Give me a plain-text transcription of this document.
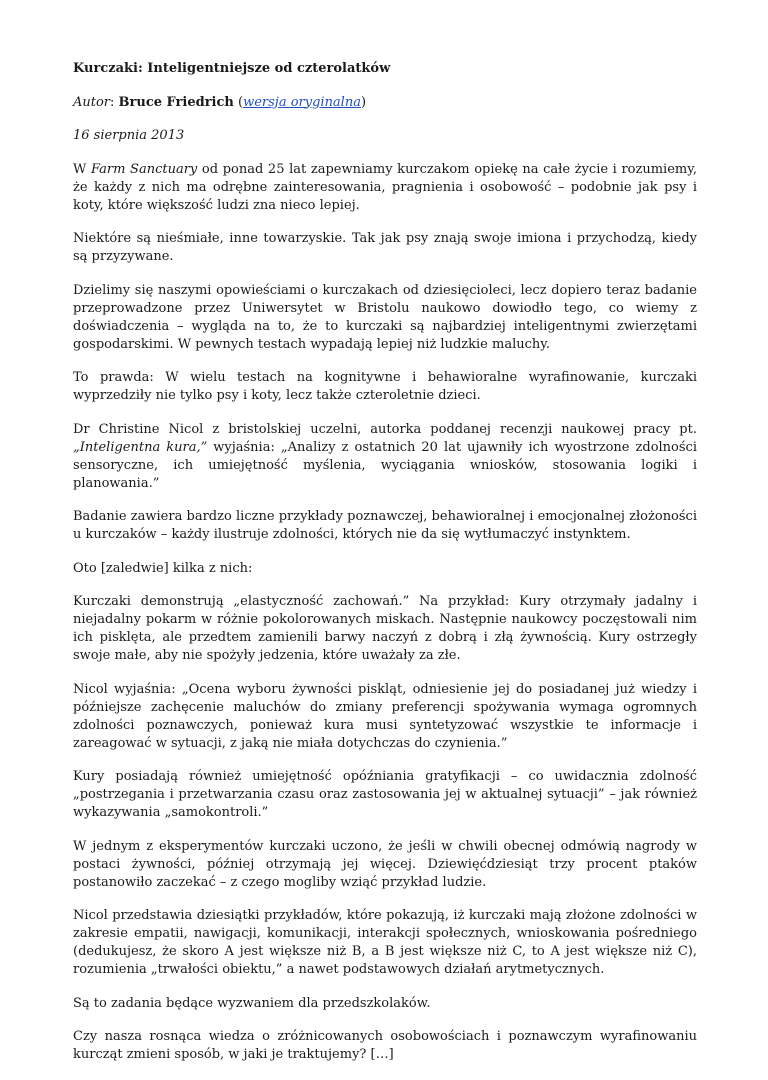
Kurczaki: Inteligentniejsze od czterolatków

Autor: Bruce Friedrich (wersja oryginalna)

16 sierpnia 2013

W Farm Sanctuary od ponad 25 lat zapewniamy kurczakom opiekę na całe życie i rozumiemy, że każdy z nich ma odrębne zainteresowania, pragnienia i osobowość – podobnie jak psy i koty, które większość ludzi zna nieco lepiej.

Niektóre są nieśmiałe, inne towarzyskie. Tak jak psy znają swoje imiona i przychodzą, kiedy są przyzywane.

Dzielimy się naszymi opowieściami o kurczakach od dziesięcioleci, lecz dopiero teraz badanie przeprowadzone przez Uniwersytet w Bristolu naukowo dowiodło tego, co wiemy z doświadczenia – wygląda na to, że to kurczaki są najbardziej inteligentnymi zwierzętami gospodarskimi. W pewnych testach wypadają lepiej niż ludzkie maluchy.

To prawda: W wielu testach na kognitywne i behawioralne wyrafinowanie, kurczaki wyprzedziły nie tylko psy i koty, lecz także czteroletnie dzieci.

Dr Christine Nicol z bristolskiej uczelni, autorka poddanej recenzji naukowej pracy pt. „Inteligentna kura,” wyjaśnia: „Analizy z ostatnich 20 lat ujawniły ich wyostrzone zdolności sensoryczne, ich umiejętność myślenia, wyciągania wniosków, stosowania logiki i planowania.”

Badanie zawiera bardzo liczne przykłady poznawczej, behawioralnej i emocjonalnej złożoności u kurczaków – każdy ilustruje zdolności, których nie da się wytłumaczyć instynktem.

Oto [zaledwie] kilka z nich:

Kurczaki demonstrują „elastyczność zachowań.” Na przykład: Kury otrzymały jadalny i niejadalny pokarm w różnie pokolorowanych miskach. Następnie naukowcy poczęstowali nim ich pisklęta, ale przedtem zamienili barwy naczyń z dobrą i złą żywnością. Kury ostrzegły swoje małe, aby nie spożyły jedzenia, które uważały za złe.

Nicol wyjaśnia: „Ocena wyboru żywności piskląt, odniesienie jej do posiadanej już wiedzy i późniejsze zachęcenie maluchów do zmiany preferencji spożywania wymaga ogromnych zdolności poznawczych, ponieważ kura musi syntetyzować wszystkie te informacje i zareagować w sytuacji, z jaką nie miała dotychczas do czynienia.”

Kury posiadają również umiejętność opóźniania gratyfikacji – co uwidacznia zdolność „postrzegania i przetwarzania czasu oraz zastosowania jej w aktualnej sytuacji” – jak również wykazywania „samokontroli.”

W jednym z eksperymentów kurczaki uczono, że jeśli w chwili obecnej odmówią nagrody w postaci żywności, później otrzymają jej więcej. Dziewięćdziesiąt trzy procent ptaków postanowiło zaczekać – z czego mogliby wziąć przykład ludzie.

Nicol przedstawia dziesiątki przykładów, które pokazują, iż kurczaki mają złożone zdolności w zakresie empatii, nawigacji, komunikacji, interakcji społecznych, wnioskowania pośredniego (dedukujesz, że skoro A jest większe niż B, a B jest większe niż C, to A jest większe niż C), rozumienia „trwałości obiektu,” a nawet podstawowych działań arytmetycznych.

Są to zadania będące wyzwaniem dla przedszkolaków.

Czy nasza rosnąca wiedza o zróżnicowanych osobowościach i poznawczym wyrafinowaniu kurcząt zmieni sposób, w jaki je traktujemy? […]
